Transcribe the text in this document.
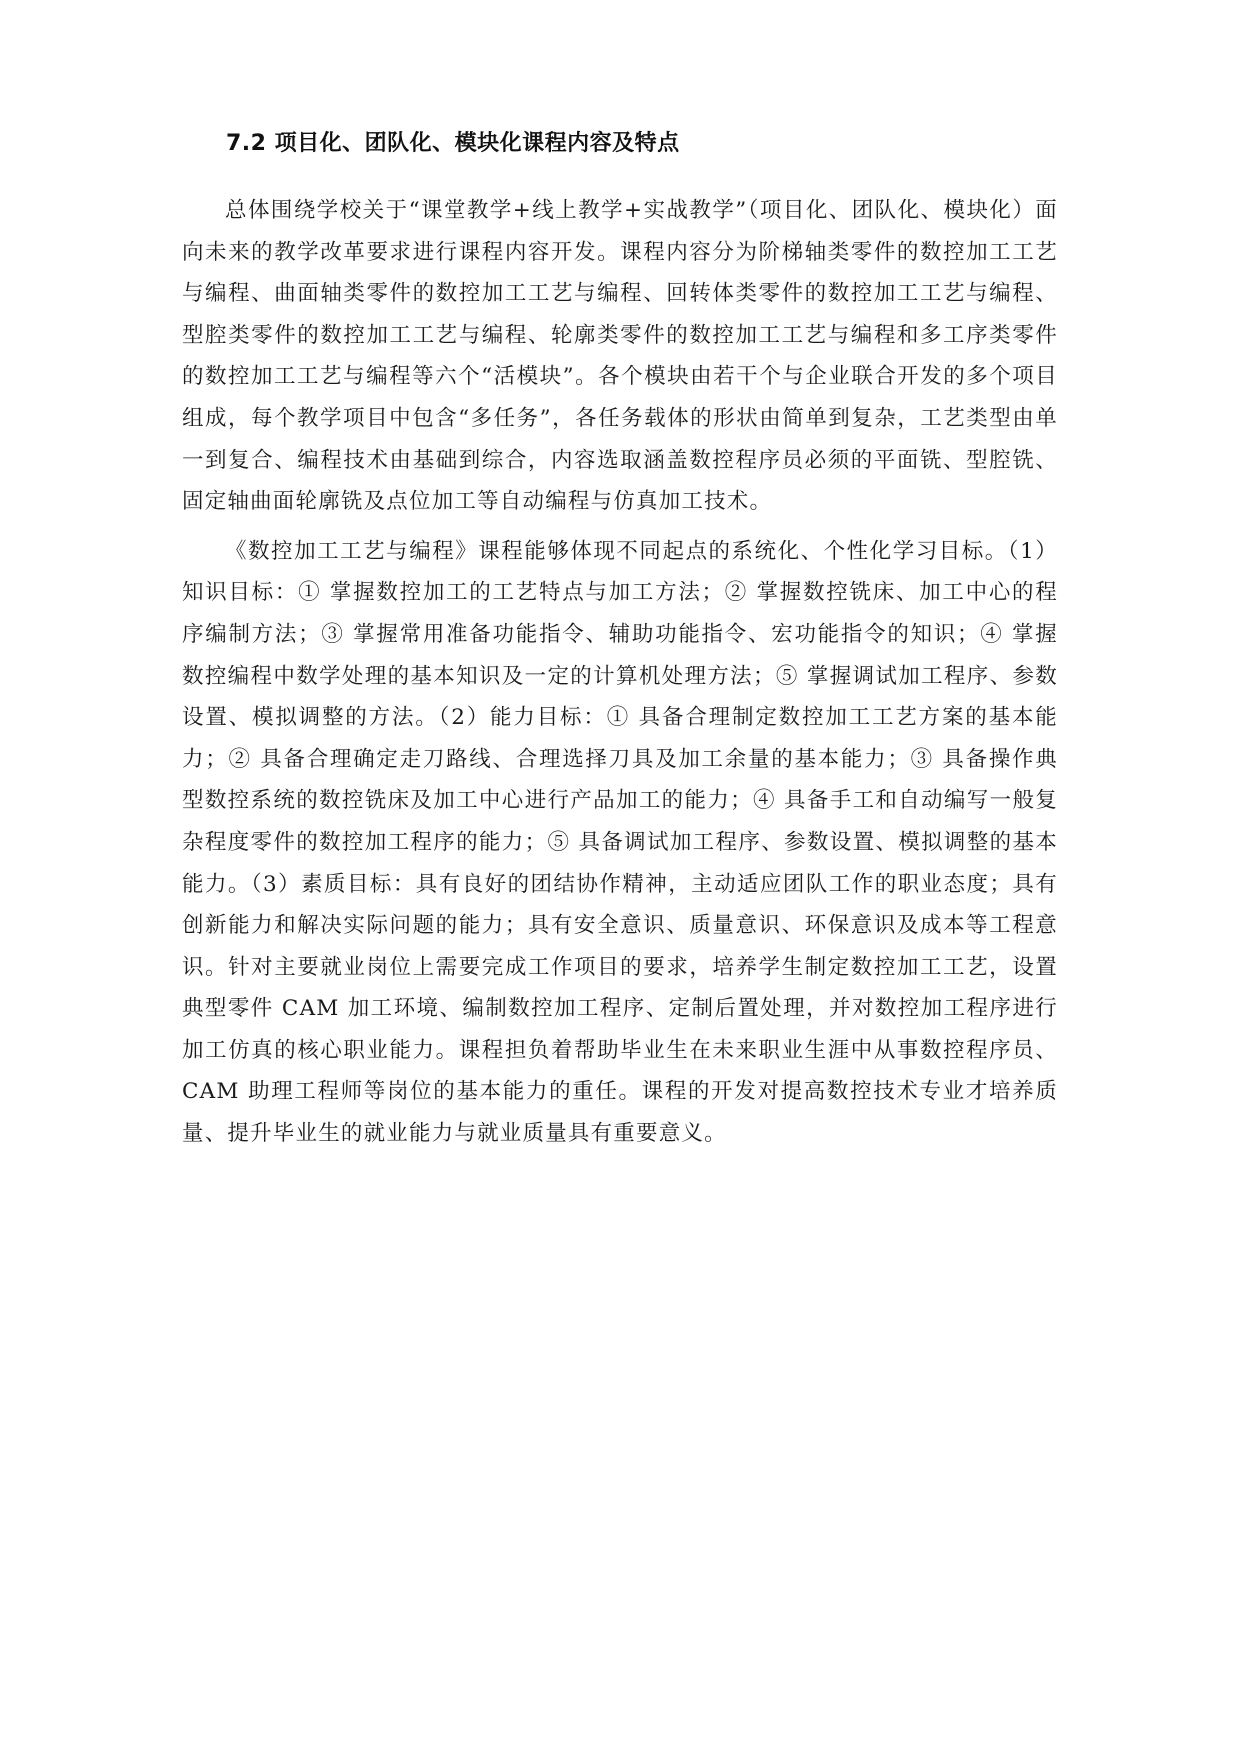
7.2 项目化、团队化、模块化课程内容及特点

总体围绕学校关于“课堂教学+线上教学+实战教学”（项目化、团队化、模块化）面向未来的教学改革要求进行课程内容开发。课程内容分为阶梯轴类零件的数控加工工艺与编程、曲面轴类零件的数控加工工艺与编程、回转体类零件的数控加工工艺与编程、型腔类零件的数控加工工艺与编程、轮廓类零件的数控加工工艺与编程和多工序类零件的数控加工工艺与编程等六个“活模块”。各个模块由若干个与企业联合开发的多个项目组成，每个教学项目中包含“多任务”，各任务载体的形状由简单到复杂，工艺类型由单一到复合、编程技术由基础到综合，内容选取涵盖数控程序员必须的平面铣、型腔铣、固定轴曲面轮廓铣及点位加工等自动编程与仿真加工技术。

《数控加工工艺与编程》课程能够体现不同起点的系统化、个性化学习目标。（1）知识目标：① 掌握数控加工的工艺特点与加工方法；② 掌握数控铣床、加工中心的程序编制方法；③ 掌握常用准备功能指令、辅助功能指令、宏功能指令的知识；④ 掌握数控编程中数学处理的基本知识及一定的计算机处理方法；⑤ 掌握调试加工程序、参数设置、模拟调整的方法。（2）能力目标：① 具备合理制定数控加工工艺方案的基本能力；② 具备合理确定走刀路线、合理选择刀具及加工余量的基本能力；③ 具备操作典型数控系统的数控铣床及加工中心进行产品加工的能力；④ 具备手工和自动编写一般复杂程度零件的数控加工程序的能力；⑤ 具备调试加工程序、参数设置、模拟调整的基本能力。（3）素质目标：具有良好的团结协作精神，主动适应团队工作的职业态度；具有创新能力和解决实际问题的能力；具有安全意识、质量意识、环保意识及成本等工程意识。针对主要就业岗位上需要完成工作项目的要求，培养学生制定数控加工工艺，设置典型零件 CAM 加工环境、编制数控加工程序、定制后置处理，并对数控加工程序进行加工仿真的核心职业能力。课程担负着帮助毕业生在未来职业生涯中从事数控程序员、CAM 助理工程师等岗位的基本能力的重任。课程的开发对提高数控技术专业才培养质量、提升毕业生的就业能力与就业质量具有重要意义。
